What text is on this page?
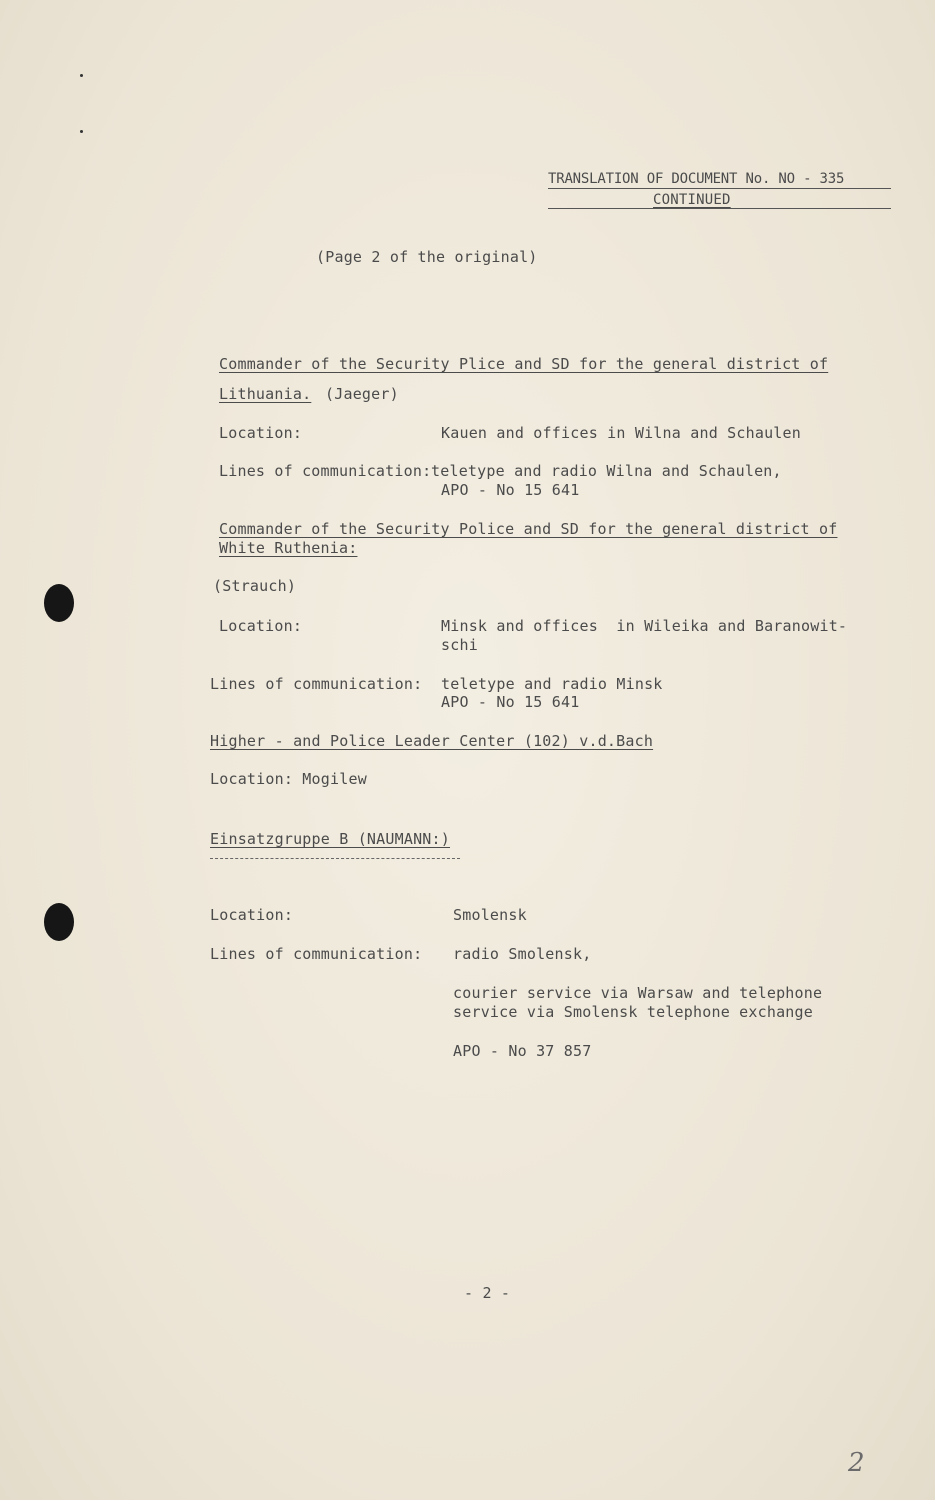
TRANSLATION OF DOCUMENT No. NO - 335
CONTINUED
(Page 2 of the original)
Commander of the Security Plice and SD for the general district of
Lithuania. (Jaeger)
Location:	Kauen and offices in Wilna and Schaulen
Lines of communication: teletype and radio Wilna and Schaulen,
APO - No 15 641
Commander of the Security Police and SD for the general district of
White Ruthenia:
(Strauch)
Location:	Minsk and offices  in Wileika and Baranowit-
schi
Lines of communication: teletype and radio Minsk
APO - No 15 641
Higher - and Police Leader Center (102) v.d.Bach
Location: Mogilew
Einsatzgruppe B (NAUMANN:)
Location:	Smolensk
Lines of communication: radio Smolensk,
courier service via Warsaw and telephone
service via Smolensk telephone exchange
APO - No 37 857
- 2 -
2
